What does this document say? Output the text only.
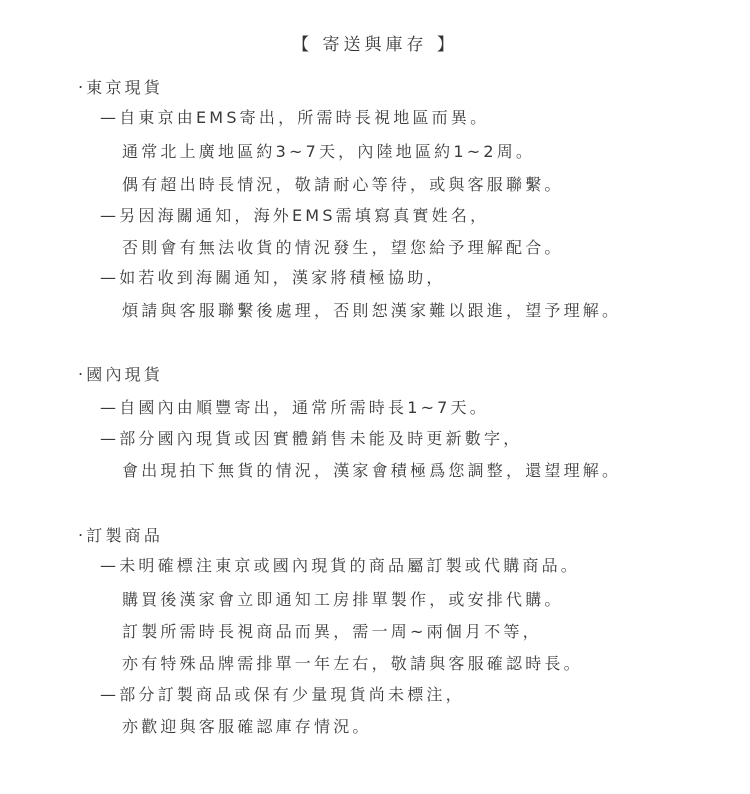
【 寄送與庫存 】
‧東京現貨
—自東京由EMS寄出，所需時長視地區而異。
通常北上廣地區約3~7天，內陸地區約1~2周。
偶有超出時長情況，敬請耐心等待，或與客服聯繫。
—另因海關通知，海外EMS需填寫真實姓名，
否則會有無法收貨的情況發生，望您給予理解配合。
—如若收到海關通知，漢家將積極協助，
煩請與客服聯繫後處理，否則恕漢家難以跟進，望予理解。
‧國內現貨
—自國內由順豐寄出，通常所需時長1~7天。
—部分國內現貨或因實體銷售未能及時更新數字，
會出現拍下無貨的情況，漢家會積極爲您調整，還望理解。
‧訂製商品
—未明確標注東京或國內現貨的商品屬訂製或代購商品。
購買後漢家會立即通知工房排單製作，或安排代購。
訂製所需時長視商品而異，需一周~兩個月不等，
亦有特殊品牌需排單一年左右，敬請與客服確認時長。
—部分訂製商品或保有少量現貨尚未標注，
亦歡迎與客服確認庫存情況。
